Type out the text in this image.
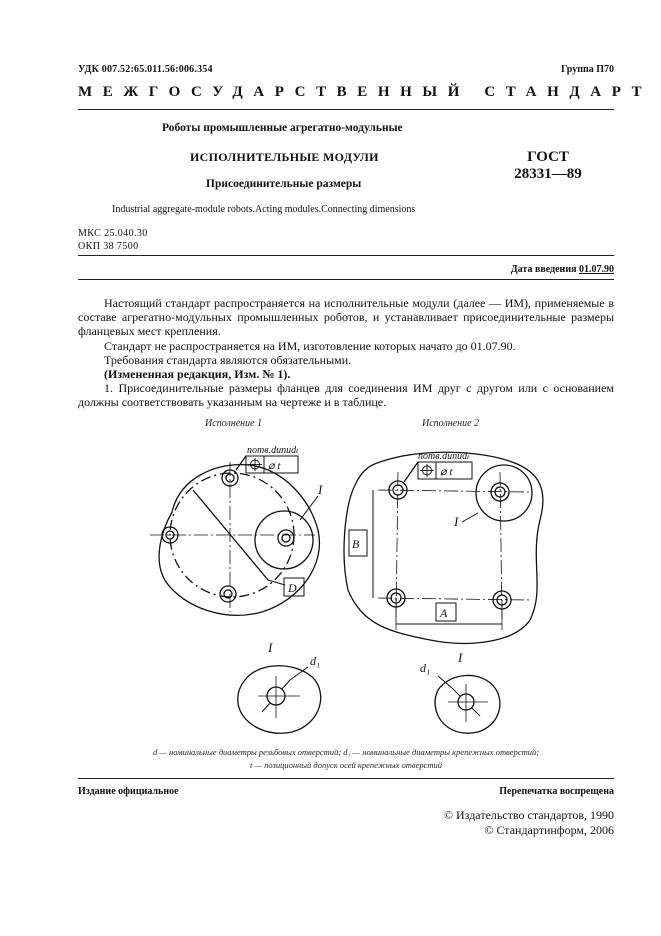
УДК 007.52:65.011.56:006.354	Группа П70
МЕЖГОСУДАРСТВЕННЫЙ СТАНДАРТ
Роботы промышленные агрегатно-модульные
ИСПОЛНИТЕЛЬНЫЕ МОДУЛИ
Присоединительные размеры
ГОСТ
28331—89
Industrial aggregate-module robots.Acting modules.Connecting dimensions
МКС 25.040.30
ОКП 38 7500
Дата введения 01.07.90
Настоящий стандарт распространяется на исполнительные модули (далее — ИМ), применяемые в составе агрегатно-модульных промышленных роботов, и устанавливает присоединительные размеры фланцевых мест крепления.
Стандарт не распространяется на ИМ, изготовление которых начато до 01.07.90.
Требования стандарта являются обязательными.
(Измененная редакция, Изм. № 1).
1. Присоединительные размеры фланцев для соединения ИМ друг с другом или с основанием должны соответствовать указанным на чертеже и в таблице.
Исполнение 1	Исполнение 2
nomв.dиnиdₜ
⌀ t
I
D
nomв.dиnиdₜ
⌀ t
I
B
A
I
d₁	I
d₁
d — номинальные диаметры резьбовых отверстий; d₁ — номинальные диаметры крепежных отверстий;
t — позиционный допуск осей крепежных отверстий
Издание официальное	Перепечатка воспрещена
© Издательство стандартов, 1990
© Стандартинформ, 2006
